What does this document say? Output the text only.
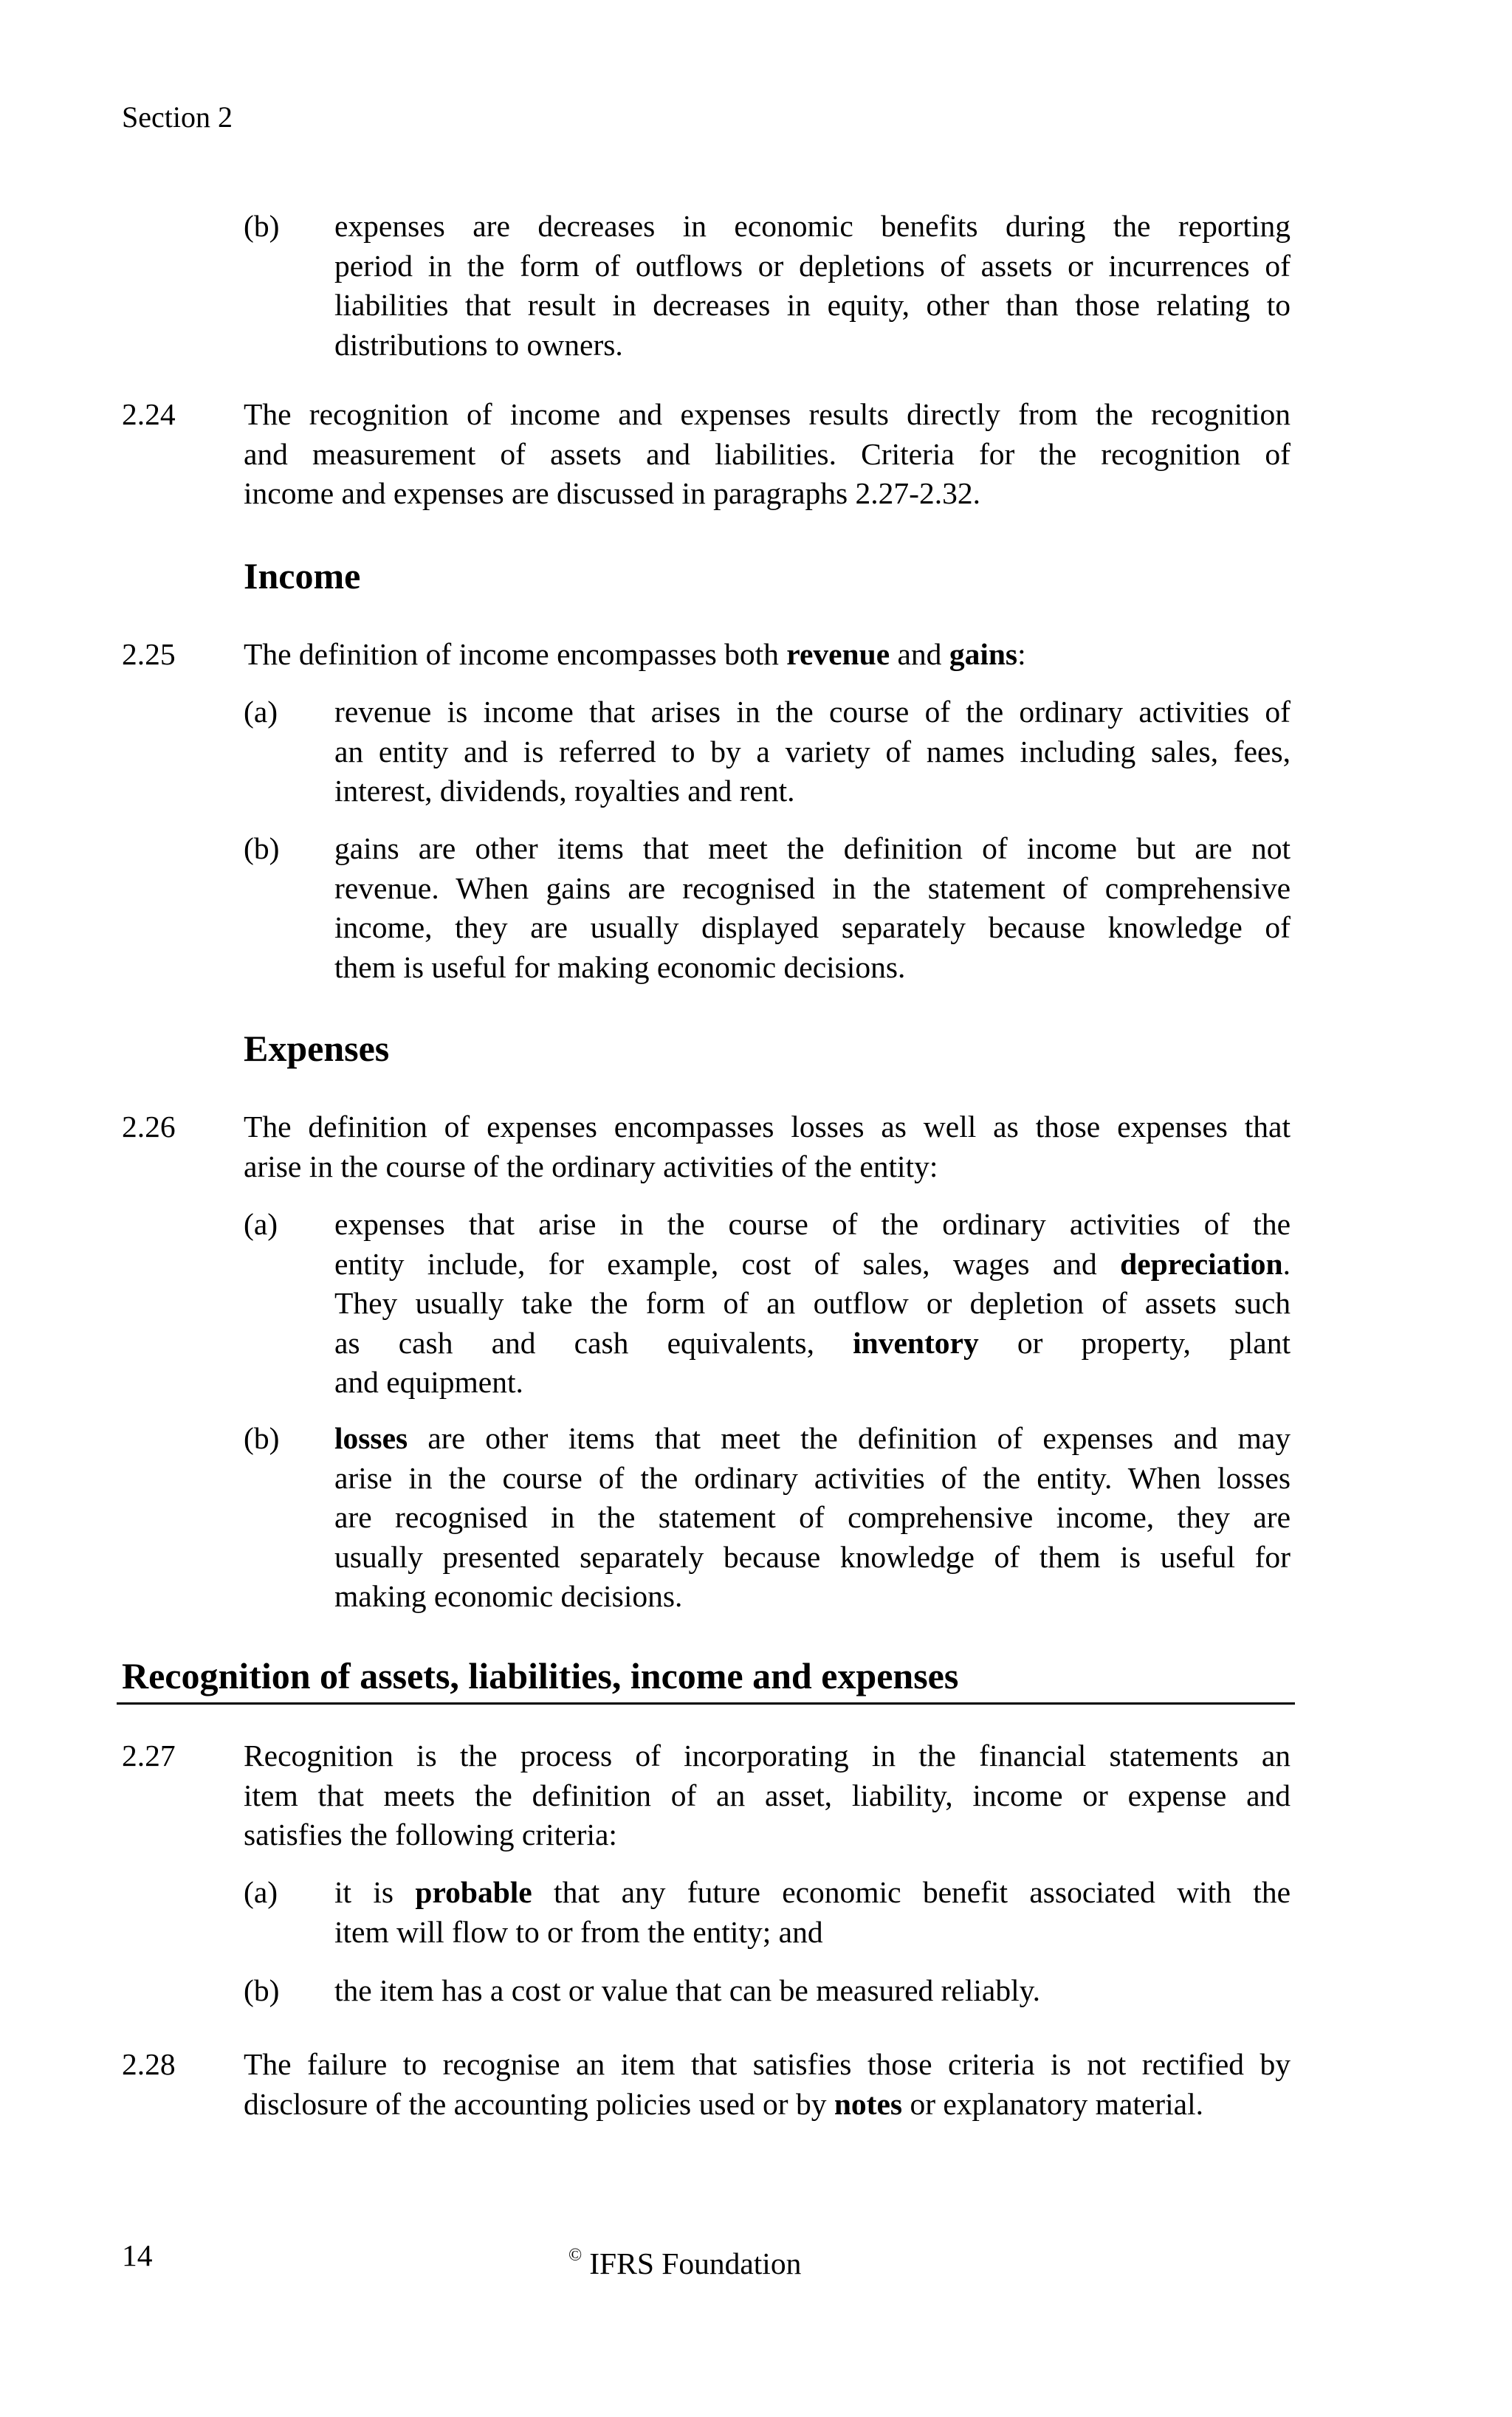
Section 2
(b) expenses are decreases in economic benefits during the reporting
period in the form of outflows or depletions of assets or incurrences of
liabilities that result in decreases in equity, other than those relating to
distributions to owners.
2.24 The recognition of income and expenses results directly from the recognition
and measurement of assets and liabilities. Criteria for the recognition of
income and expenses are discussed in paragraphs 2.27-2.32.
Income
2.25 The definition of income encompasses both revenue and gains:
(a) revenue is income that arises in the course of the ordinary activities of
an entity and is referred to by a variety of names including sales, fees,
interest, dividends, royalties and rent.
(b) gains are other items that meet the definition of income but are not
revenue. When gains are recognised in the statement of comprehensive
income, they are usually displayed separately because knowledge of
them is useful for making economic decisions.
Expenses
2.26 The definition of expenses encompasses losses as well as those expenses that
arise in the course of the ordinary activities of the entity:
(a) expenses that arise in the course of the ordinary activities of the
entity include, for example, cost of sales, wages and depreciation.
They usually take the form of an outflow or depletion of assets such
as cash and cash equivalents, inventory or property, plant
and equipment.
(b) losses are other items that meet the definition of expenses and may
arise in the course of the ordinary activities of the entity. When losses
are recognised in the statement of comprehensive income, they are
usually presented separately because knowledge of them is useful for
making economic decisions.
Recognition of assets, liabilities, income and expenses
2.27 Recognition is the process of incorporating in the financial statements an
item that meets the definition of an asset, liability, income or expense and
satisfies the following criteria:
(a) it is probable that any future economic benefit associated with the
item will flow to or from the entity; and
(b) the item has a cost or value that can be measured reliably.
2.28 The failure to recognise an item that satisfies those criteria is not rectified by
disclosure of the accounting policies used or by notes or explanatory material.
14	© IFRS Foundation
